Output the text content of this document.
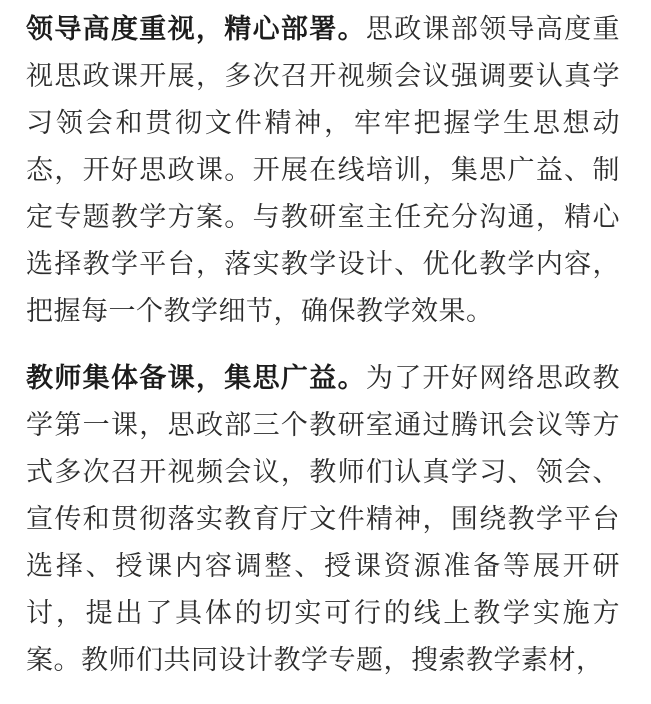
领导高度重视，精心部署。思政课部领导高度重视思政课开展，多次召开视频会议强调要认真学习领会和贯彻文件精神，牢牢把握学生思想动态，开好思政课。开展在线培训，集思广益、制定专题教学方案。与教研室主任充分沟通，精心选择教学平台，落实教学设计、优化教学内容，把握每一个教学细节，确保教学效果。

教师集体备课，集思广益。为了开好网络思政教学第一课，思政部三个教研室通过腾讯会议等方式多次召开视频会议，教师们认真学习、领会、宣传和贯彻落实教育厅文件精神，围绕教学平台选择、授课内容调整、授课资源准备等展开研讨，提出了具体的切实可行的线上教学实施方案。教师们共同设计教学专题，搜索教学素材，
